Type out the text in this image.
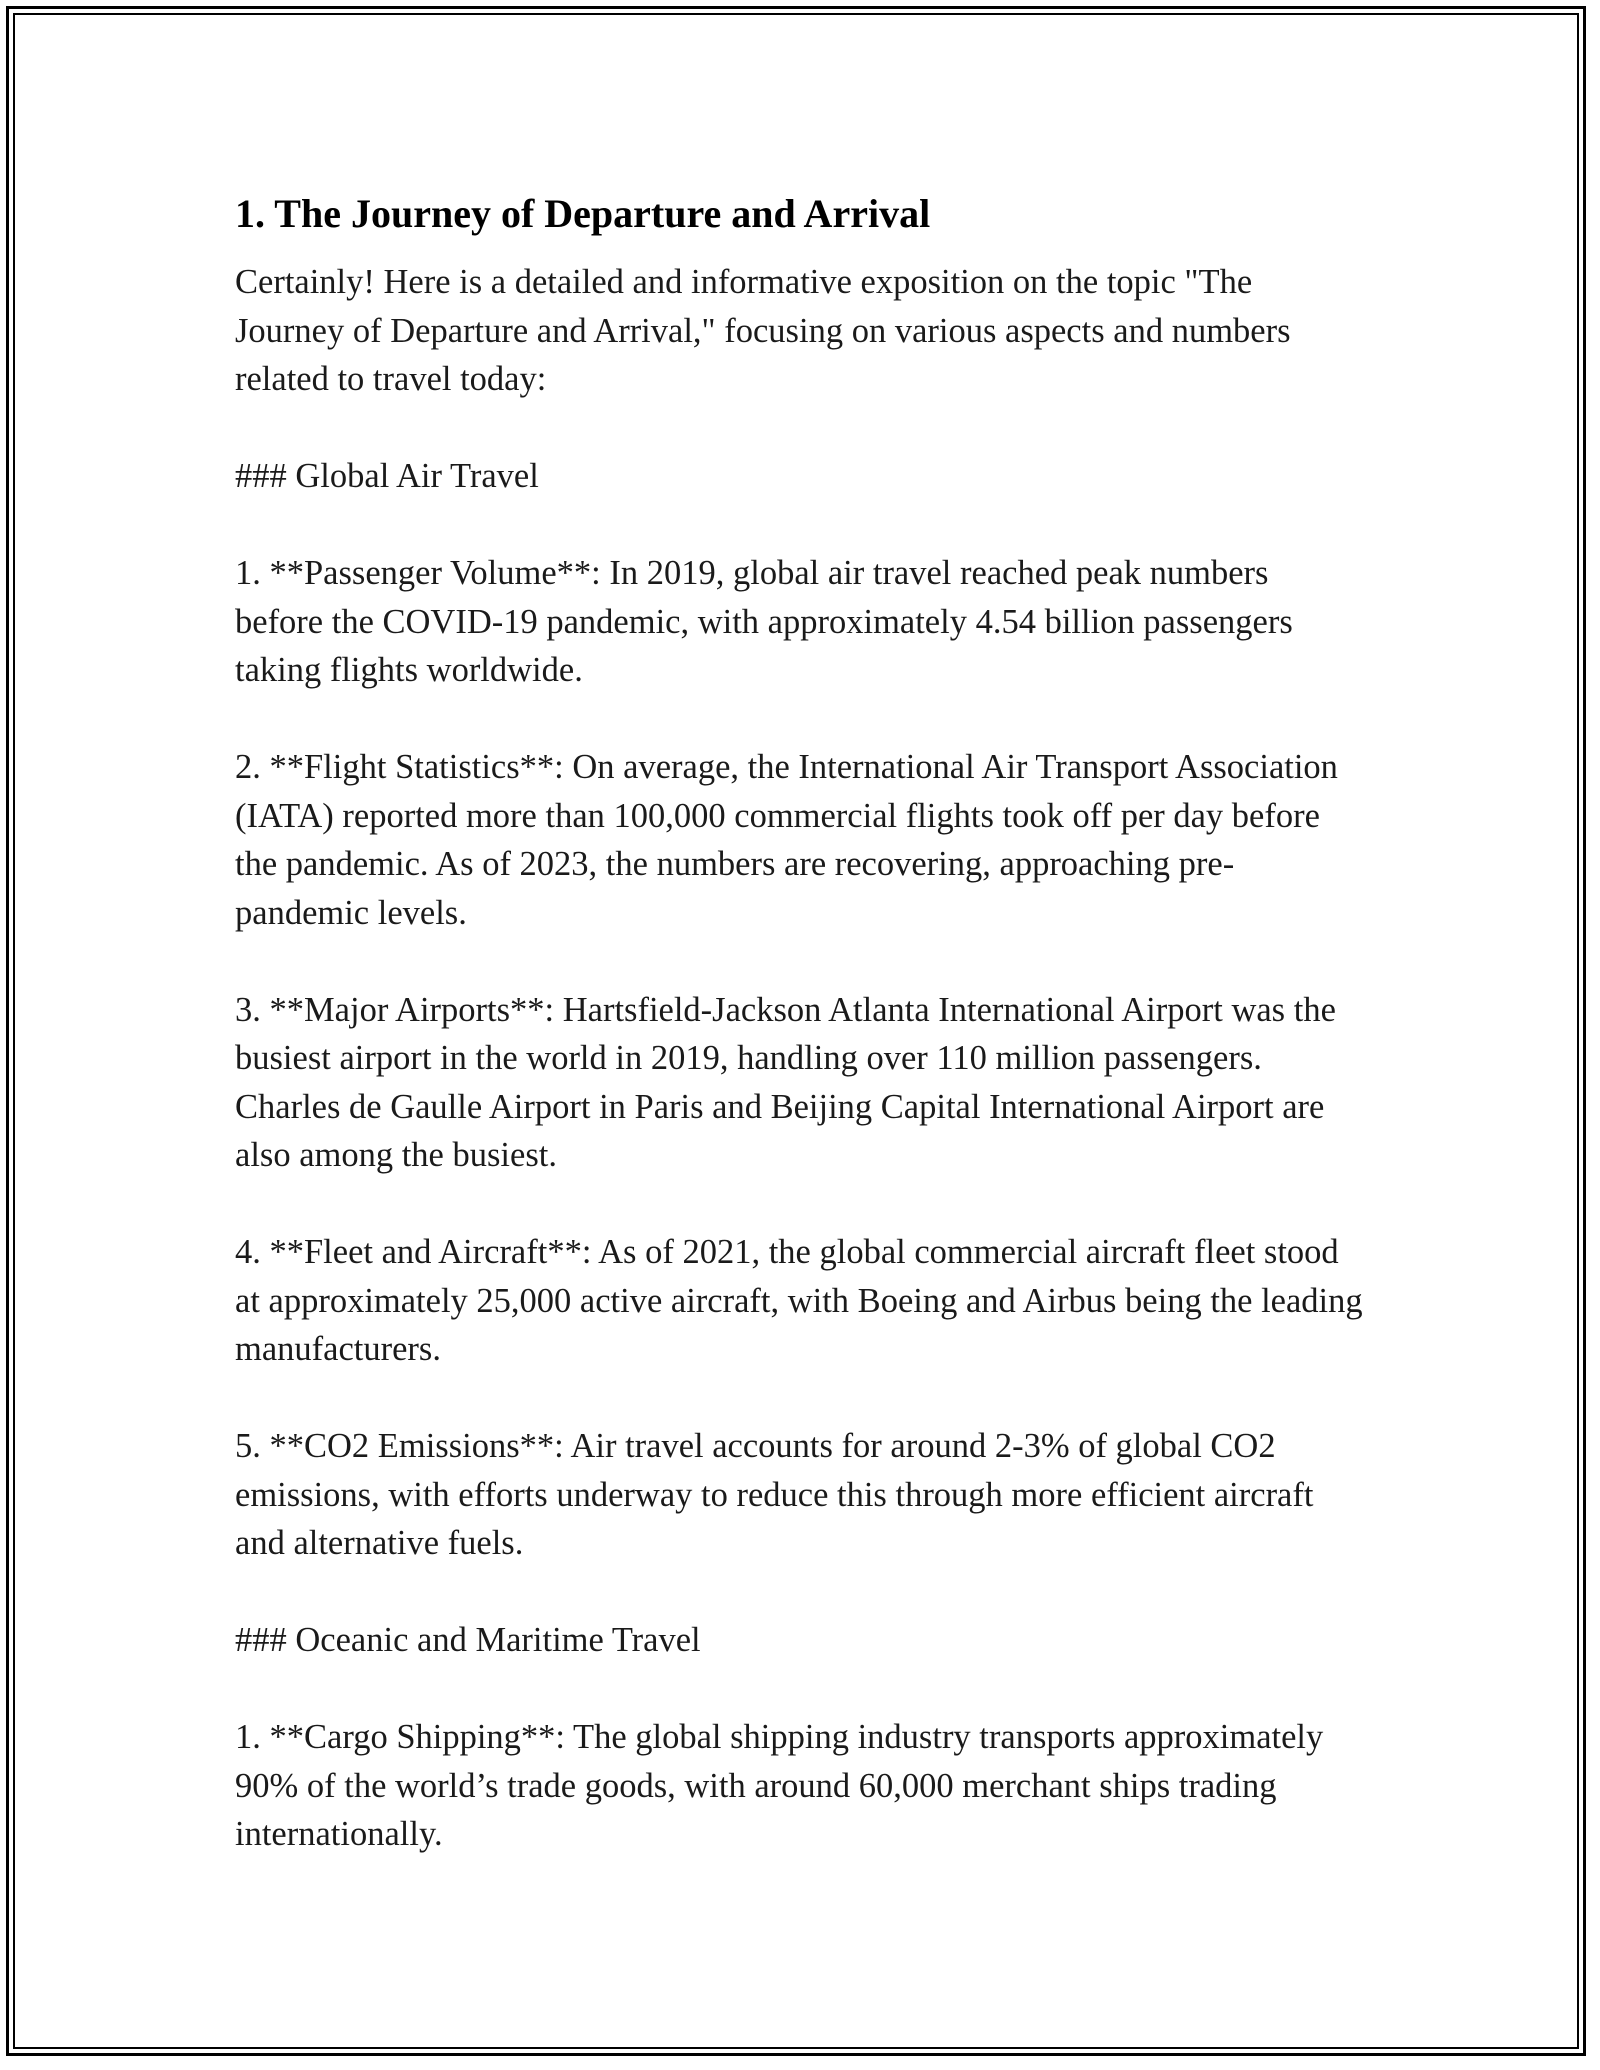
1. The Journey of Departure and Arrival

Certainly! Here is a detailed and informative exposition on the topic "The Journey of Departure and Arrival," focusing on various aspects and numbers related to travel today:

### Global Air Travel

1. **Passenger Volume**: In 2019, global air travel reached peak numbers before the COVID-19 pandemic, with approximately 4.54 billion passengers taking flights worldwide.

2. **Flight Statistics**: On average, the International Air Transport Association (IATA) reported more than 100,000 commercial flights took off per day before the pandemic. As of 2023, the numbers are recovering, approaching pre-pandemic levels.

3. **Major Airports**: Hartsfield-Jackson Atlanta International Airport was the busiest airport in the world in 2019, handling over 110 million passengers. Charles de Gaulle Airport in Paris and Beijing Capital International Airport are also among the busiest.

4. **Fleet and Aircraft**: As of 2021, the global commercial aircraft fleet stood at approximately 25,000 active aircraft, with Boeing and Airbus being the leading manufacturers.

5. **CO2 Emissions**: Air travel accounts for around 2-3% of global CO2 emissions, with efforts underway to reduce this through more efficient aircraft and alternative fuels.

### Oceanic and Maritime Travel

1. **Cargo Shipping**: The global shipping industry transports approximately 90% of the world’s trade goods, with around 60,000 merchant ships trading internationally.
